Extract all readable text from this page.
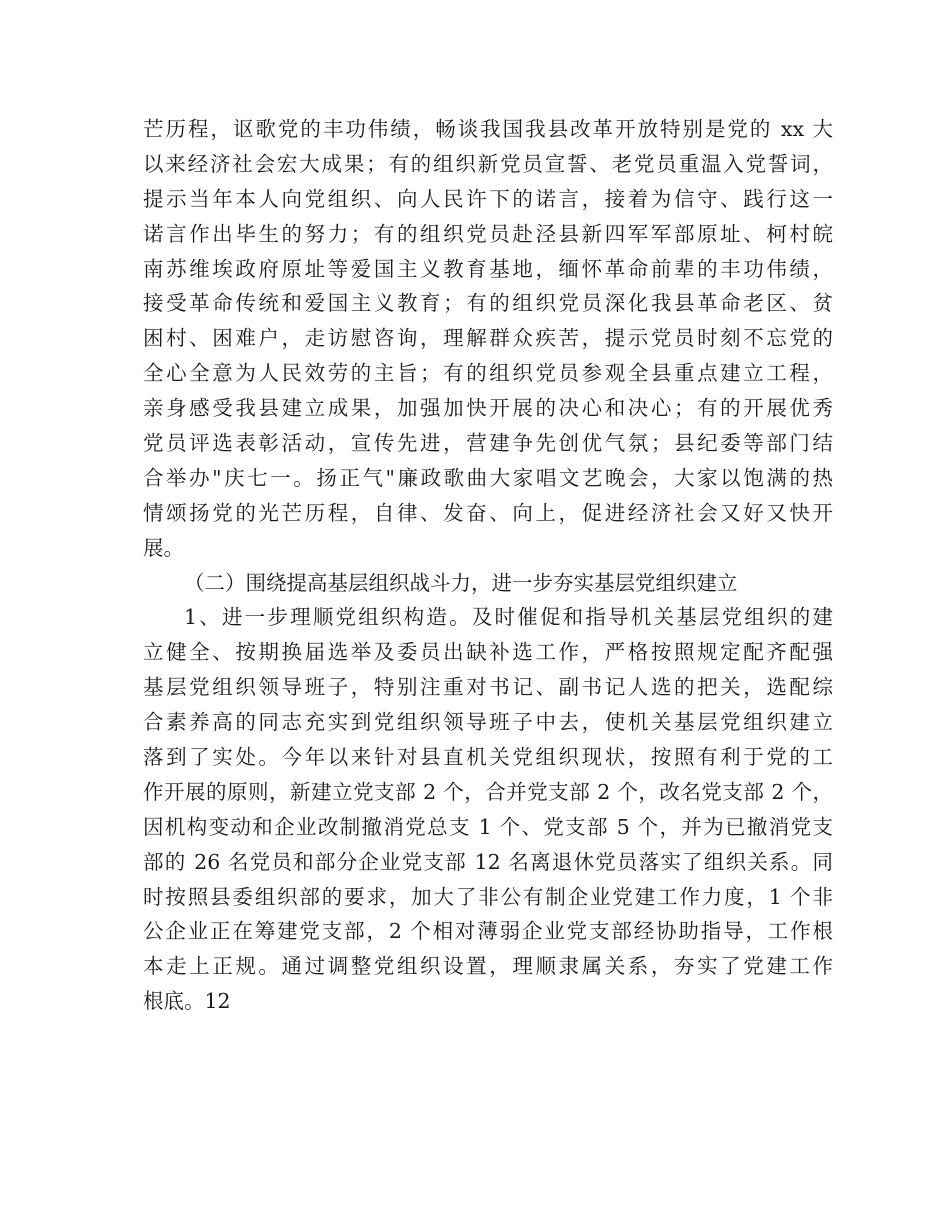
芒历程，讴歌党的丰功伟绩，畅谈我国我县改革开放特别是党的 xx 大
以来经济社会宏大成果；有的组织新党员宣誓、老党员重温入党誓词，
提示当年本人向党组织、向人民许下的诺言，接着为信守、践行这一
诺言作出毕生的努力；有的组织党员赴泾县新四军军部原址、柯村皖
南苏维埃政府原址等爱国主义教育基地，缅怀革命前辈的丰功伟绩，
接受革命传统和爱国主义教育；有的组织党员深化我县革命老区、贫
困村、困难户，走访慰咨询，理解群众疾苦，提示党员时刻不忘党的
全心全意为人民效劳的主旨；有的组织党员参观全县重点建立工程，
亲身感受我县建立成果，加强加快开展的决心和决心；有的开展优秀
党员评选表彰活动，宣传先进，营建争先创优气氛；县纪委等部门结
合举办"庆七一。扬正气"廉政歌曲大家唱文艺晚会，大家以饱满的热
情颂扬党的光芒历程，自律、发奋、向上，促进经济社会又好又快开
展。
（二）围绕提高基层组织战斗力，进一步夯实基层党组织建立
1、进一步理顺党组织构造。及时催促和指导机关基层党组织的建
立健全、按期换届选举及委员出缺补选工作，严格按照规定配齐配强
基层党组织领导班子，特别注重对书记、副书记人选的把关，选配综
合素养高的同志充实到党组织领导班子中去，使机关基层党组织建立
落到了实处。今年以来针对县直机关党组织现状，按照有利于党的工
作开展的原则，新建立党支部 2 个，合并党支部 2 个，改名党支部 2 个，
因机构变动和企业改制撤消党总支 1 个、党支部 5 个，并为已撤消党支
部的 26 名党员和部分企业党支部 12 名离退休党员落实了组织关系。同
时按照县委组织部的要求，加大了非公有制企业党建工作力度，1 个非
公企业正在筹建党支部，2 个相对薄弱企业党支部经协助指导，工作根
本走上正规。通过调整党组织设置，理顺隶属关系，夯实了党建工作
根底。12
